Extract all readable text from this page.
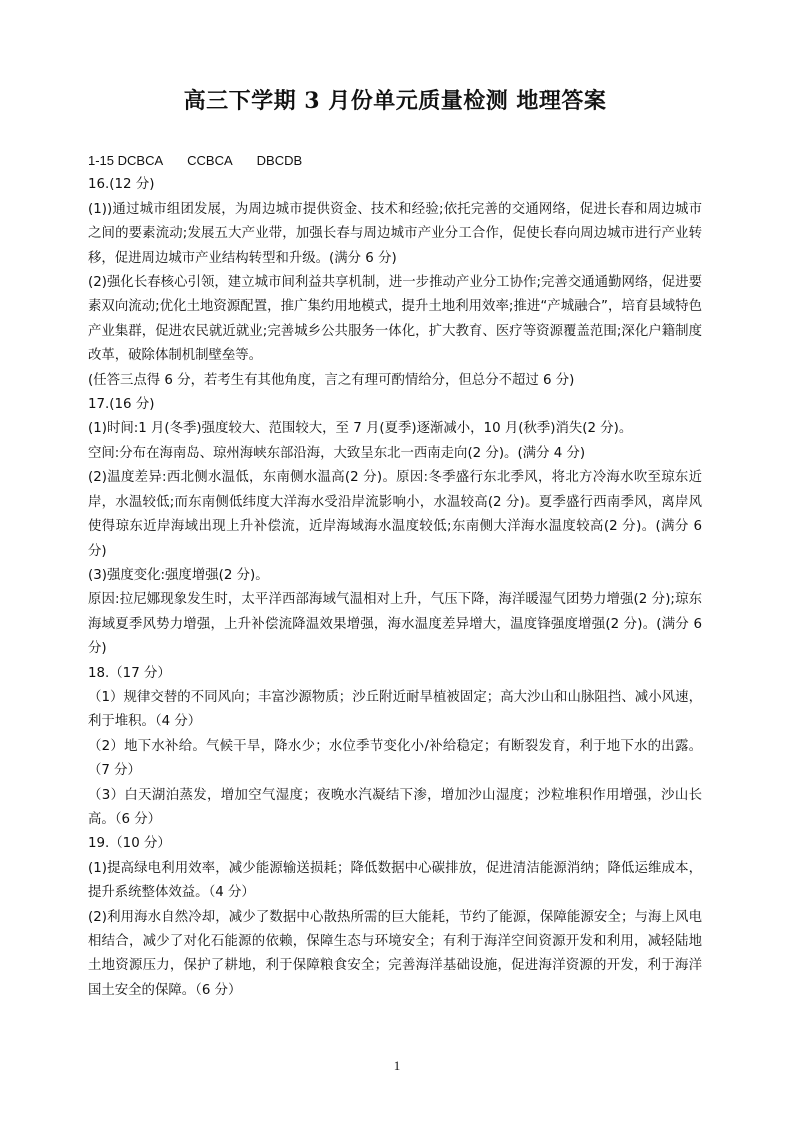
高三下学期 3 月份单元质量检测 地理答案

1-15 DCBCA CCBCA DBCDB

16.(12 分)

(1))通过城市组团发展，为周边城市提供资金、技术和经验;依托完善的交通网络，促进长春和周边城市之间的要素流动;发展五大产业带，加强长春与周边城市产业分工合作，促使长春向周边城市进行产业转移，促进周边城市产业结构转型和升级。(满分 6 分)

(2)强化长春核心引领，建立城市间利益共享机制，进一步推动产业分工协作;完善交通通勤网络，促进要素双向流动;优化土地资源配置，推广集约用地模式，提升土地利用效率;推进“产城融合”，培育县域特色产业集群，促进农民就近就业;完善城乡公共服务一体化，扩大教育、医疗等资源覆盖范围;深化户籍制度改革，破除体制机制壁垒等。

(任答三点得 6 分，若考生有其他角度，言之有理可酌情给分，但总分不超过 6 分)

17.(16 分)

(1)时间:1 月(冬季)强度较大、范围较大，至 7 月(夏季)逐渐减小，10 月(秋季)消失(2 分)。

空间:分布在海南岛、琼州海峡东部沿海，大致呈东北一西南走向(2 分)。(满分 4 分)

(2)温度差异:西北侧水温低，东南侧水温高(2 分)。原因:冬季盛行东北季风，将北方冷海水吹至琼东近岸，水温较低;而东南侧低纬度大洋海水受沿岸流影响小，水温较高(2 分)。夏季盛行西南季风，离岸风使得琼东近岸海域出现上升补偿流，近岸海域海水温度较低;东南侧大洋海水温度较高(2 分)。(满分 6 分)

(3)强度变化:强度增强(2 分)。

原因:拉尼娜现象发生时，太平洋西部海域气温相对上升，气压下降，海洋暖湿气团势力增强(2 分);琼东海域夏季风势力增强，上升补偿流降温效果增强，海水温度差异增大，温度锋强度增强(2 分)。(满分 6 分)

18.（17 分）

（1）规律交替的不同风向；丰富沙源物质；沙丘附近耐旱植被固定；高大沙山和山脉阻挡、减小风速，利于堆积。（4 分）

（2）地下水补给。气候干旱，降水少；水位季节变化小/补给稳定；有断裂发育，利于地下水的出露。（7 分）

（3）白天湖泊蒸发，增加空气湿度；夜晚水汽凝结下渗，增加沙山湿度；沙粒堆积作用增强，沙山长高。（6 分）

19.（10 分）

(1)提高绿电利用效率，减少能源输送损耗；降低数据中心碳排放，促进清洁能源消纳；降低运维成本，提升系统整体效益。（4 分）

(2)利用海水自然冷却，减少了数据中心散热所需的巨大能耗，节约了能源，保障能源安全；与海上风电相结合，减少了对化石能源的依赖，保障生态与环境安全；有利于海洋空间资源开发和利用，减轻陆地土地资源压力，保护了耕地，利于保障粮食安全；完善海洋基础设施，促进海洋资源的开发，利于海洋国土安全的保障。（6 分）

1
